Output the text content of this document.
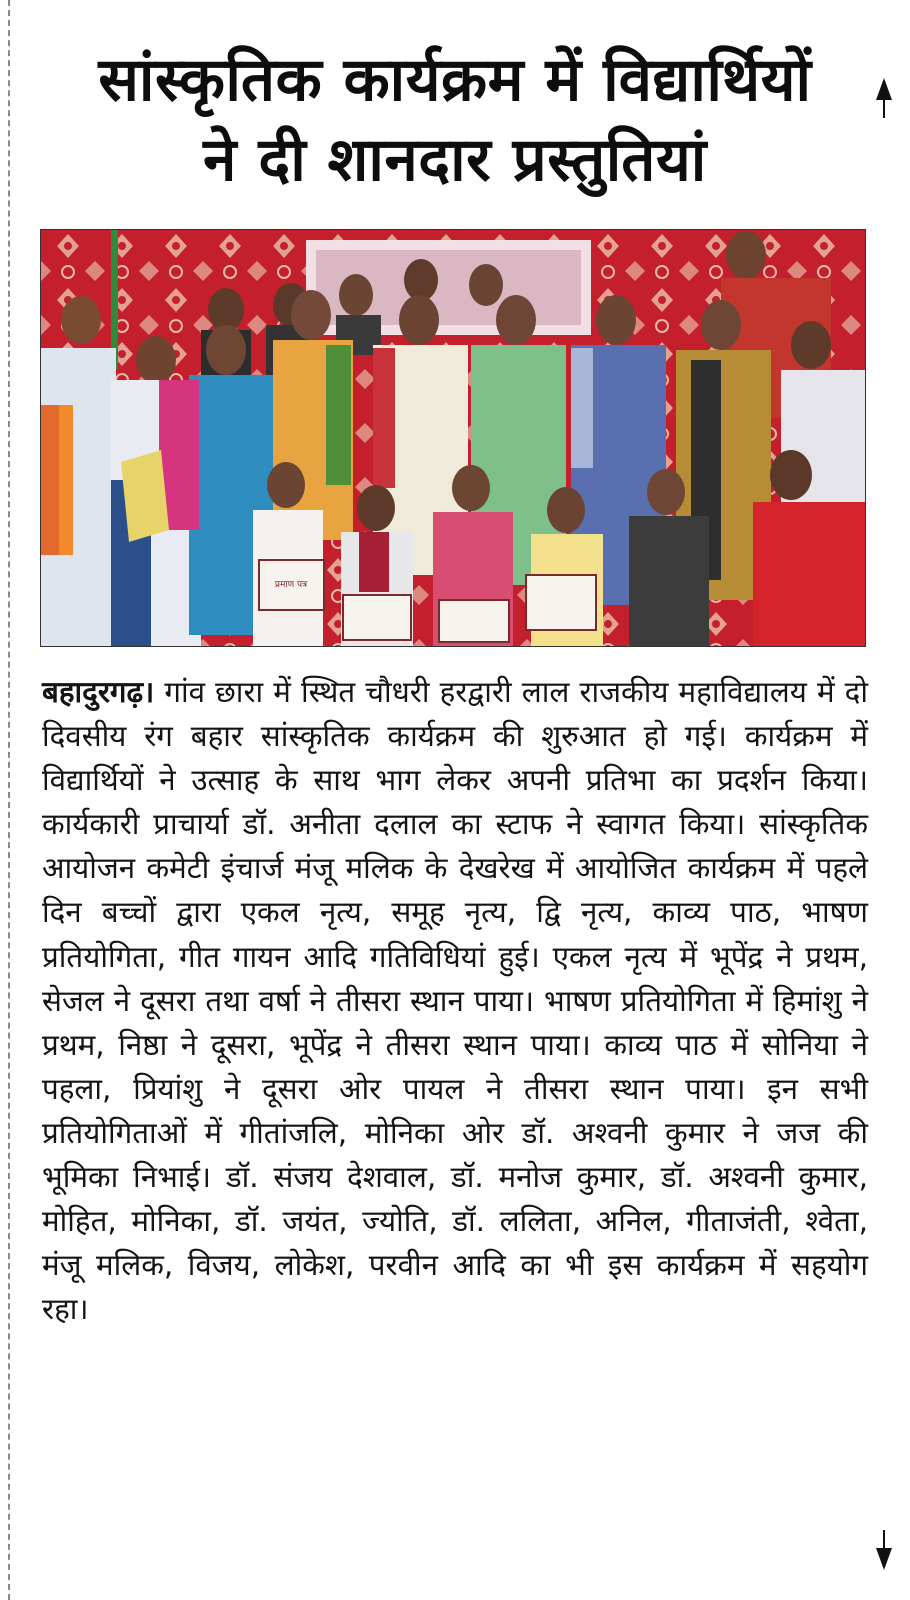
सांस्कृतिक कार्यक्रम में विद्यार्थियों
ने दी शानदार प्रस्तुतियां
प्रमाण पत्र
बहादुरगढ़। गांव छारा में स्थित चौधरी हरद्वारी लाल राजकीय महाविद्यालय में दो दिवसीय रंग बहार सांस्कृतिक कार्यक्रम की शुरुआत हो गई। कार्यक्रम में विद्यार्थियों ने उत्साह के साथ भाग लेकर अपनी प्रतिभा का प्रदर्शन किया। कार्यकारी प्राचार्या डॉ. अनीता दलाल का स्टाफ ने स्वागत किया। सांस्कृतिक आयोजन कमेटी इंचार्ज मंजू मलिक के देखरेख में आयोजित कार्यक्रम में पहले दिन बच्चों द्वारा एकल नृत्य, समूह नृत्य, द्वि नृत्य, काव्य पाठ, भाषण प्रतियोगिता, गीत गायन आदि गतिविधियां हुई। एकल नृत्य में भूपेंद्र ने प्रथम, सेजल ने दूसरा तथा वर्षा ने तीसरा स्थान पाया। भाषण प्रतियोगिता में हिमांशु ने प्रथम, निष्ठा ने दूसरा, भूपेंद्र ने तीसरा स्थान पाया। काव्य पाठ में सोनिया ने पहला, प्रियांशु ने दूसरा ओर पायल ने तीसरा स्थान पाया। इन सभी प्रतियोगिताओं में गीतांजलि, मोनिका ओर डॉ. अश्वनी कुमार ने जज की भूमिका निभाई। डॉ. संजय देशवाल, डॉ. मनोज कुमार, डॉ. अश्वनी कुमार, मोहित, मोनिका, डॉ. जयंत, ज्योति, डॉ. ललिता, अनिल, गीताजंती, श्वेता, मंजू मलिक, विजय, लोकेश, परवीन आदि का भी इस कार्यक्रम में सहयोग रहा।
